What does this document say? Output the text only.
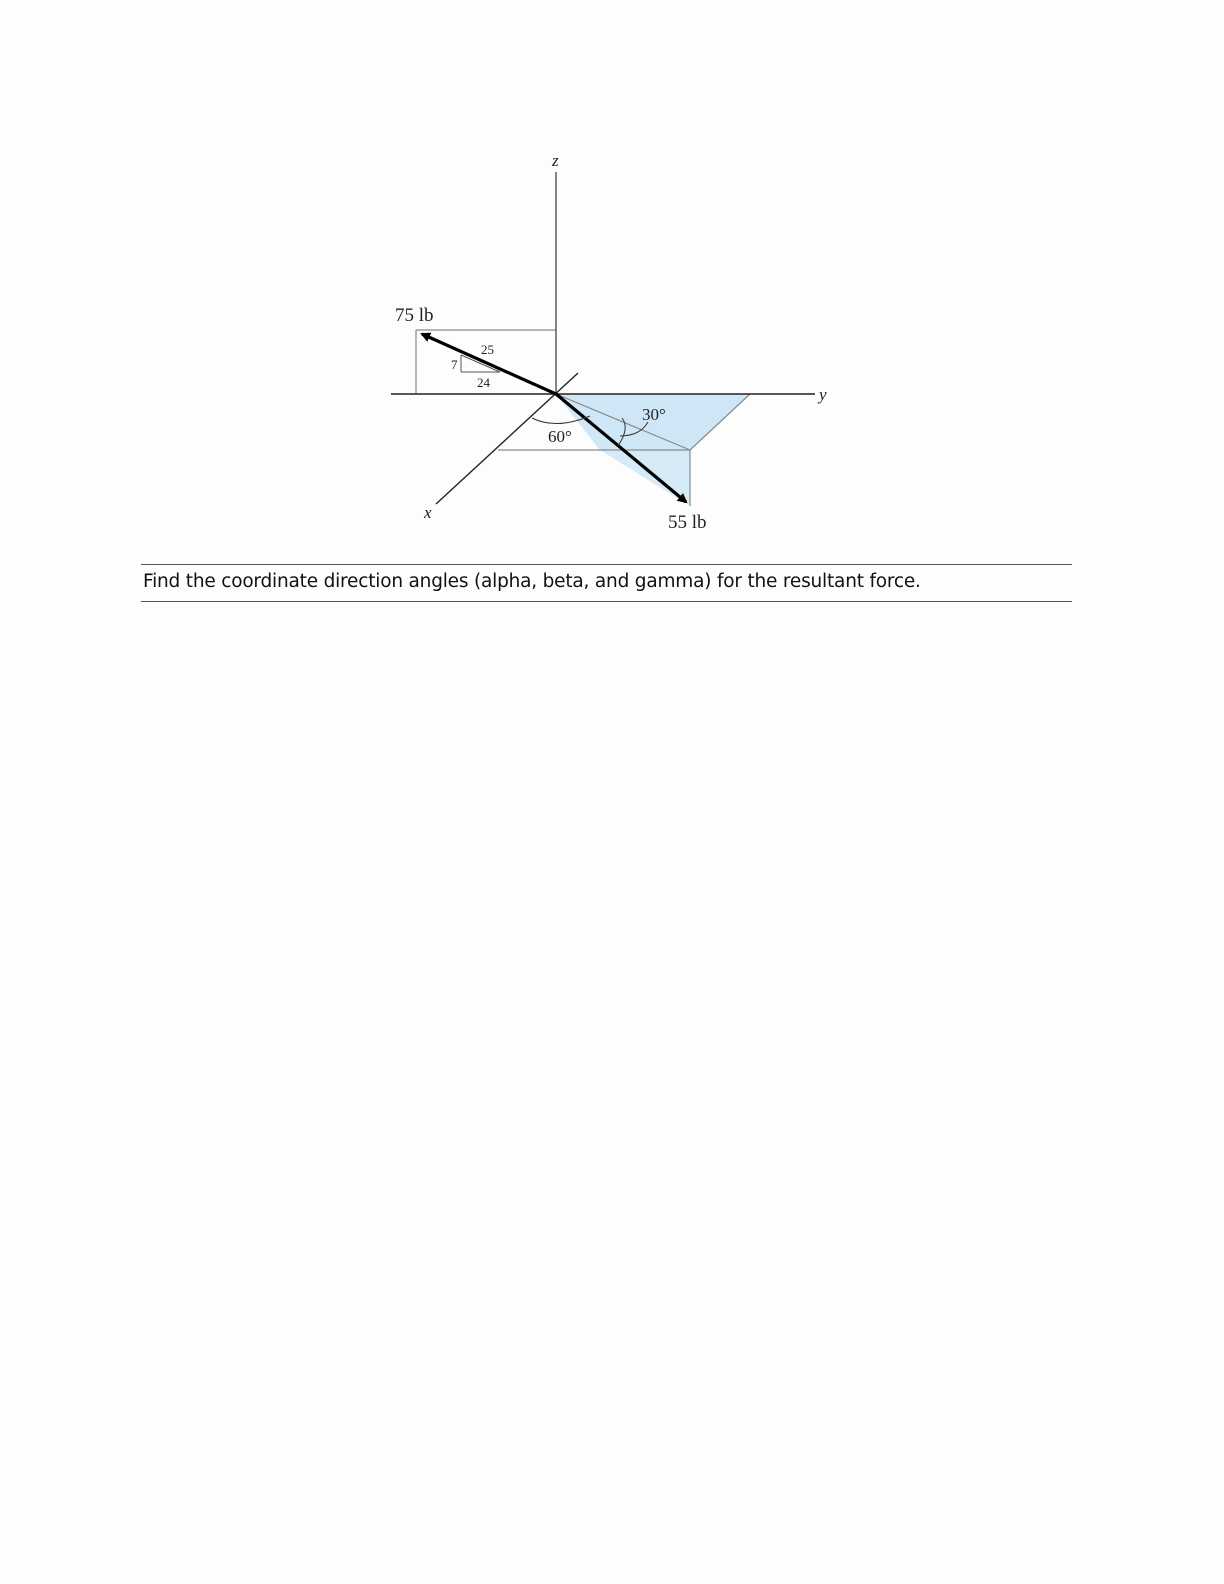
z
y
x
25
7
24
75 lb
55 lb
60°
30°
Find the coordinate direction angles (alpha, beta, and gamma) for the resultant force.
